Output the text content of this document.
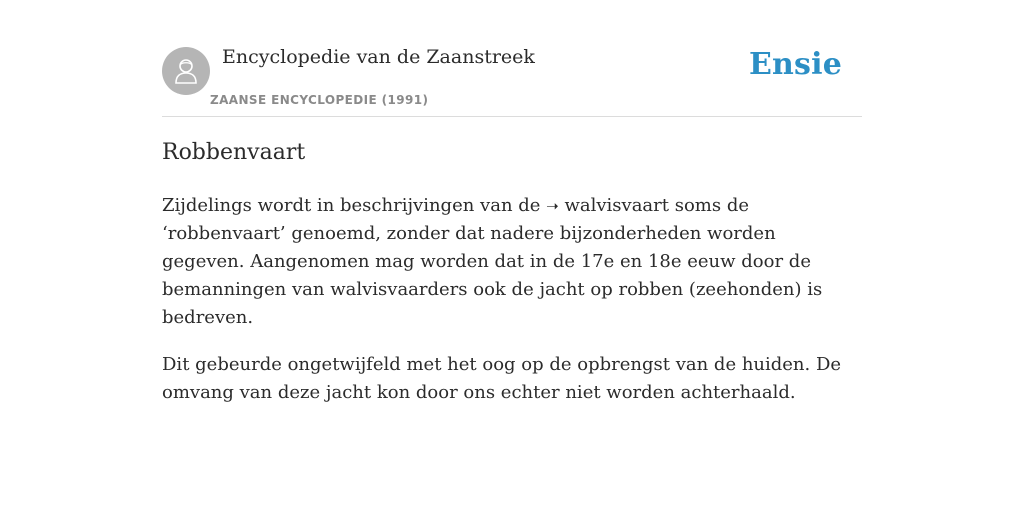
Encyclopedie van de Zaanstreek
ZAANSE ENCYCLOPEDIE (1991)
Ensie
Robbenvaart

Zijdelings wordt in beschrijvingen van de ➝ walvisvaart soms de ‘robbenvaart’ genoemd, zonder dat nadere bijzonderheden worden gegeven. Aangenomen mag worden dat in de 17e en 18e eeuw door de bemanningen van walvisvaarders ook de jacht op robben (zeehonden) is bedreven.

Dit gebeurde ongetwijfeld met het oog op de opbrengst van de huiden. De omvang van deze jacht kon door ons echter niet worden achterhaald.
